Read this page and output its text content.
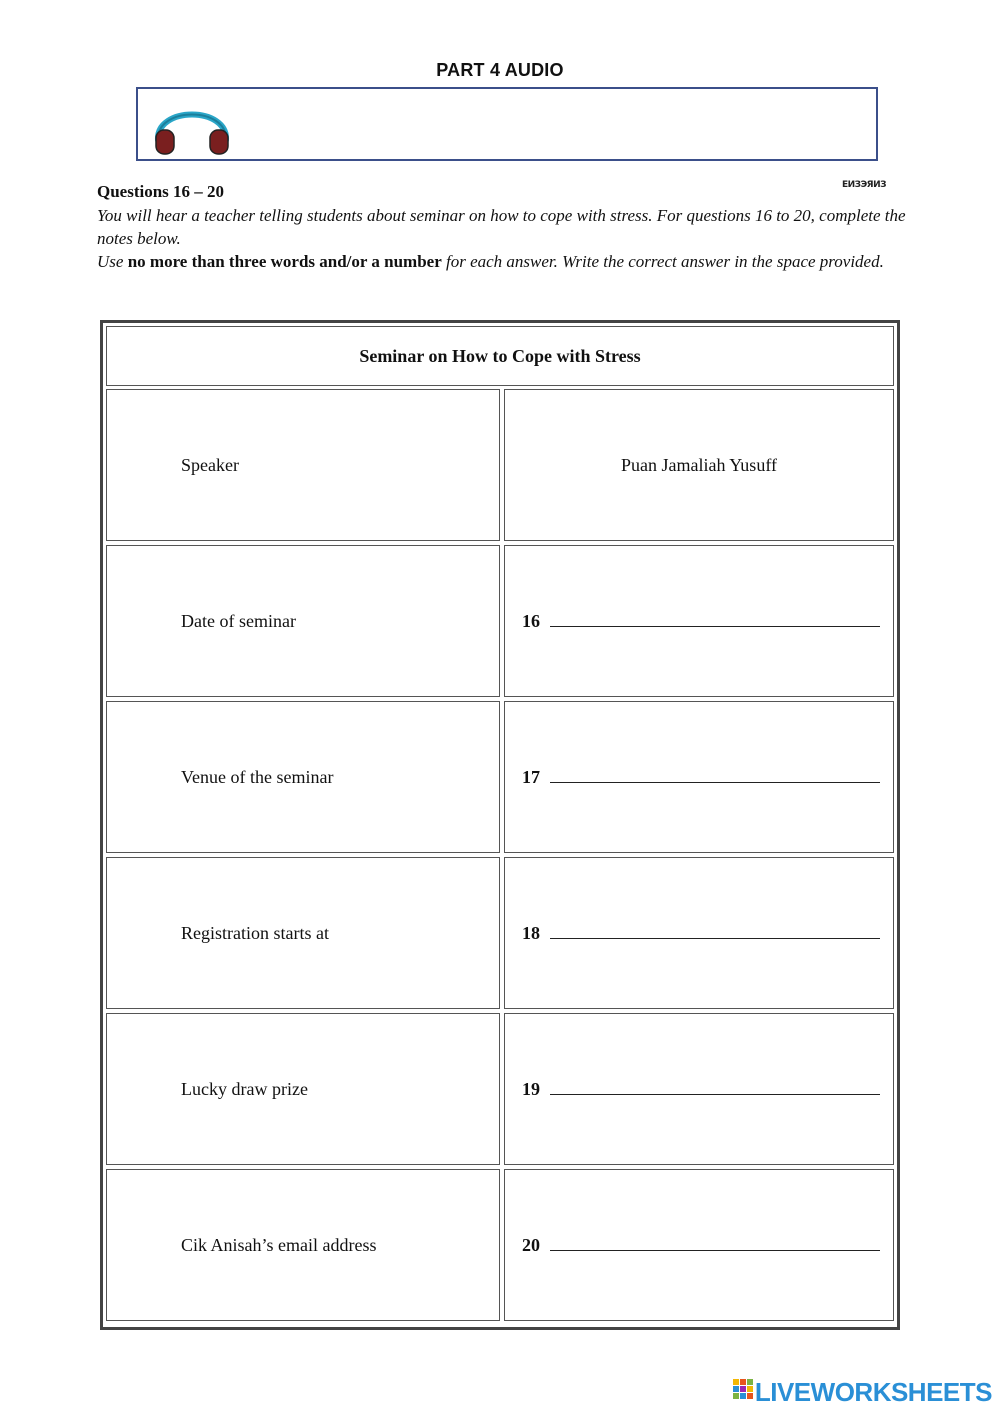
PART 4 AUDIO
Questions 16 – 20	ЕИЗЭЯИЗ
You will hear a teacher telling students about seminar on how to cope with stress. For questions 16 to 20, complete the notes below.
Use no more than three words and/or a number for each answer. Write the correct answer in the space provided.
Seminar on How to Cope with Stress
Speaker	Puan Jamaliah Yusuff
Date of seminar	16
Venue of the seminar	17
Registration starts at	18
Lucky draw prize	19
Cik Anisah’s email address	20
LIVEWORKSHEETS
